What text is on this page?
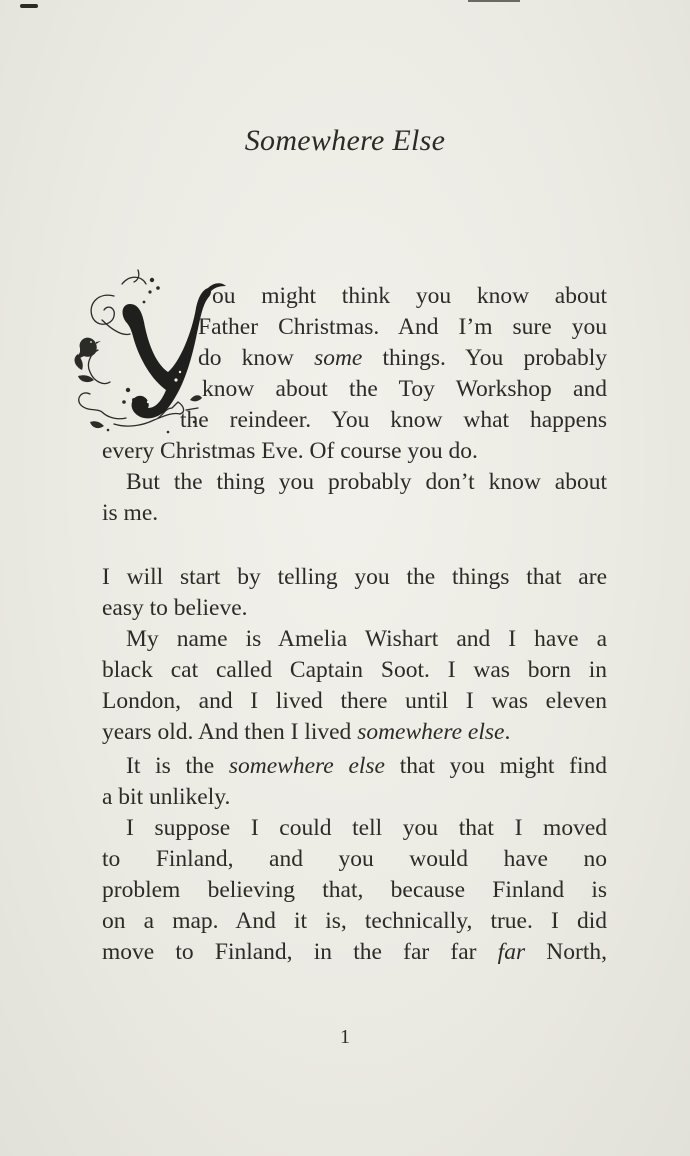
Somewhere Else
ou might think you know about
Father Christmas. And I’m sure you
do know some things. You probably
know about the Toy Workshop and
the reindeer. You know what happens
every Christmas Eve. Of course you do.
But the thing you probably don’t know about
is me.
I will start by telling you the things that are
easy to believe.
My name is Amelia Wishart and I have a
black cat called Captain Soot. I was born in
London, and I lived there until I was eleven
years old. And then I lived somewhere else.
It is the somewhere else that you might find
a bit unlikely.
I suppose I could tell you that I moved
to Finland, and you would have no
problem believing that, because Finland is
on a map. And it is, technically, true. I did
move to Finland, in the far far far North,
1
